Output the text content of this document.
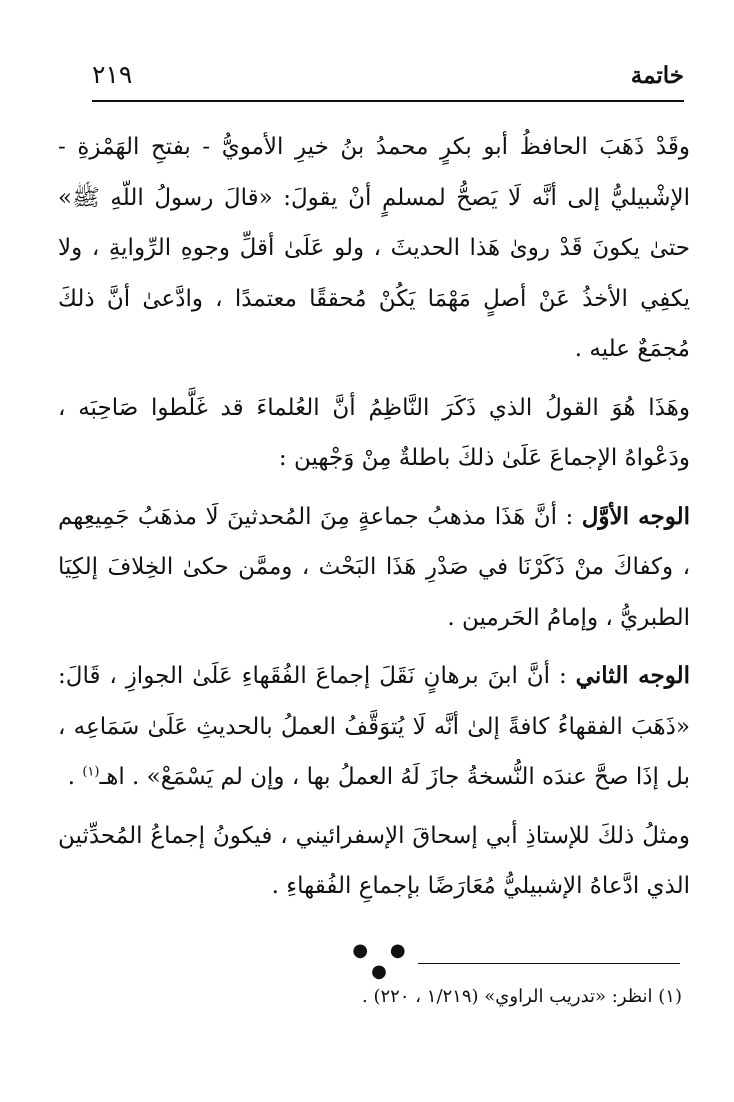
خاتمة
٢١٩

وقَدْ ذَهَبَ الحافظُ أبو بكرٍ محمدُ بنُ خيرِ الأمويُّ - بفتحِ الهَمْزةِ - الإشْبيليُّ إلى أنَّه لَا يَصحُّ لمسلمٍ أنْ يقولَ: «قالَ رسولُ اللّهِ ﷺ» حتىٰ يكونَ قَدْ روىٰ هَذا الحديثَ ، ولو عَلَىٰ أقلِّ وجوهِ الرِّوايةِ ، ولا يكفِي الأخذُ عَنْ أصلٍ مَهْمَا يَكُنْ مُحققًا معتمدًا ، وادَّعىٰ أنَّ ذلكَ مُجمَعٌ عليه .

وهَذَا هُوَ القولُ الذي ذَكَرَ النَّاظِمُ أنَّ العُلماءَ قد غَلَّطوا صَاحِبَه ، ودَعْواهُ الإجماعَ عَلَىٰ ذلكَ باطلةٌ مِنْ وَجْهين :

الوجه الأوَّل : أنَّ هَذَا مذهبُ جماعةٍ مِنَ المُحدثينَ لَا مذهَبُ جَمِيعِهم ، وكفاكَ منْ ذَكَرْنَا في صَدْرِ هَذَا البَحْث ، وممَّن حكىٰ الخِلافَ إلكِيَا الطبريُّ ، وإمامُ الحَرمين .

الوجه الثاني : أنَّ ابنَ برهانٍ نَقَلَ إجماعَ الفُقَهاءِ عَلَىٰ الجوازِ ، قَالَ: «ذَهَبَ الفقهاءُ كافةً إلىٰ أنَّه لَا يُتوَقَّفُ العملُ بالحديثِ عَلَىٰ سَمَاعِه ، بل إذَا صحَّ عندَه النُّسخةُ جازَ لَهُ العملُ بها ، وإن لم يَسْمَعْ» . اهـ$^{(١)}$ .

ومثلُ ذلكَ للإستاذِ أبي إسحاقَ الإسفرائيني ، فيكونُ إجماعُ المُحدِّثين الذي ادَّعاهُ الإشبيليُّ مُعَارَضًا بإجماعِ الفُقهاءِ .

● ● ●
(١) انظر: «تدريب الراوي» (١/٢١٩ ، ٢٢٠) .
